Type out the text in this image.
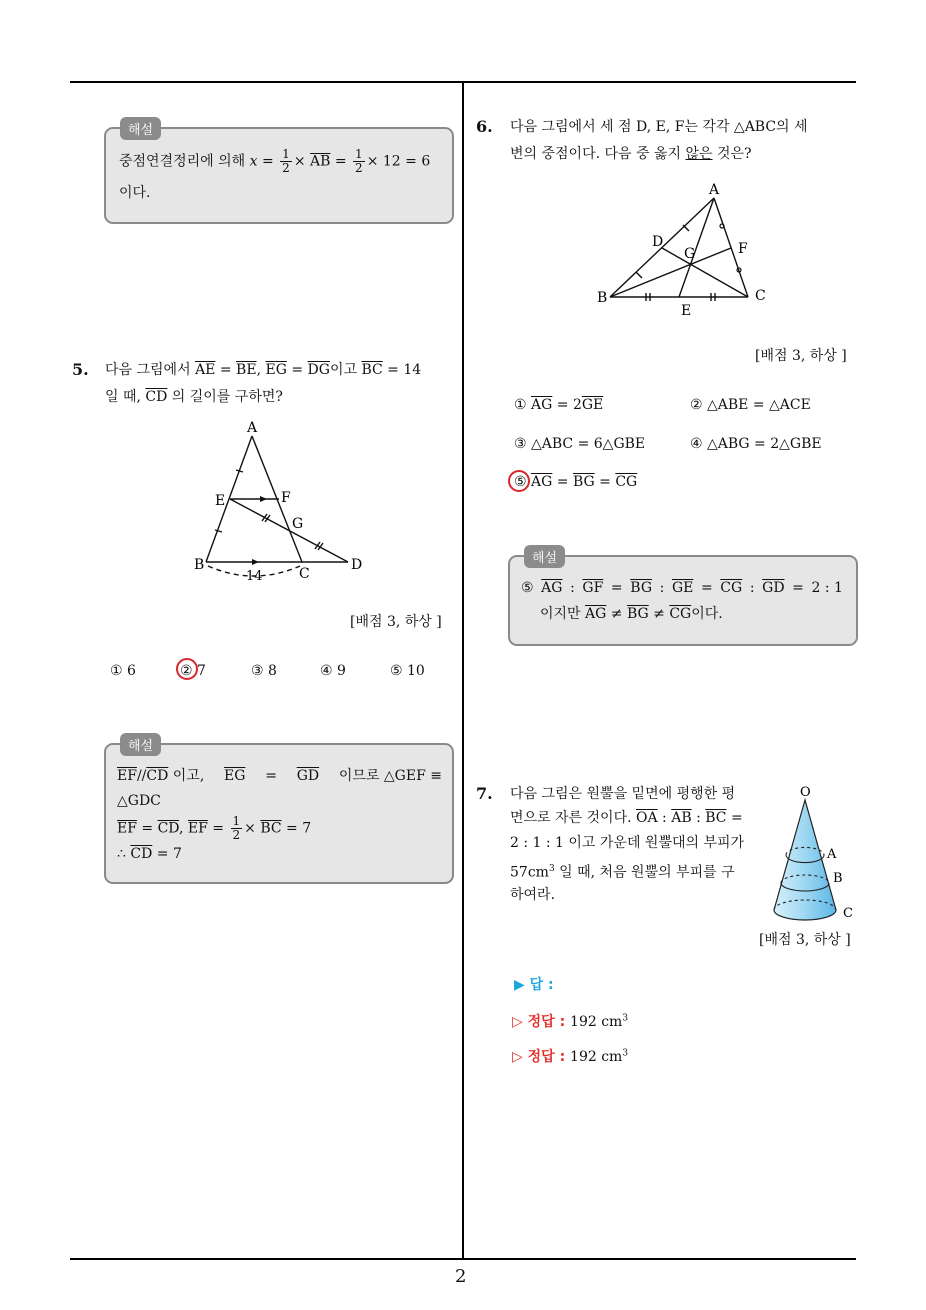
2
해설
중점연결정리에 의해 $x = \frac{1}{2} \times \overline{AB} = \frac{1}{2} \times 12 = 6$
이다.
5. 다음 그림에서 $\overline{AE} = \overline{BE}$, $\overline{EG} = \overline{DG}$이고 $\overline{BC} = 14$
일 때, $\overline{CD}$ 의 길이를 구하면?
A
E	F
G
B
C
D
14
[배점 3, 하상 ]
① 6	② 7	③ 8	④ 9	⑤ 10
해설
$\overline{EF}//\overline{CD}$ 이고, $\overline{EG} = \overline{GD}$ 이므로 △GEF ≡
△GDC
$\overline{EF} = \overline{CD}$, $\overline{EF} = \frac{1}{2} \times \overline{BC} = 7$
∴ $\overline{CD} = 7$
6. 다음 그림에서 세 점 D, E, F는 각각 △ABC의 세
변의 중점이다. 다음 중 옳지 않은 것은?
A
D
G	F
B
E
C
[배점 3, 하상 ]
① $\overline{AG} = 2\overline{GE}$	② △ABE = △ACE
③ △ABC = 6△GBE	④ △ABG = 2△GBE
⑤ $\overline{AG} = \overline{BG} = \overline{CG}$
해설
⑤ $\overline{AG}$ : $\overline{GF} = \overline{BG}$ : $\overline{GE} = \overline{CG}$ : $\overline{GD} = 2$ : 1
이지만 $\overline{AG} \ne \overline{BG} \ne \overline{CG}$이다.
7. 다음 그림은 원뿔을 밑면에 평행한 평
면으로 자른 것이다. $\overline{OA}$ : $\overline{AB}$ : $\overline{BC}$ =
2 : 1 : 1 이고 가운데 원뿔대의 부피가
$57cm^3$ 일 때, 처음 원뿔의 부피를 구
하여라.
O
A
B
C
[배점 3, 하상 ]
▶ 답 :
▷ 정답 : 192 $cm^3$
▷ 정답 : 192 $cm^3$
